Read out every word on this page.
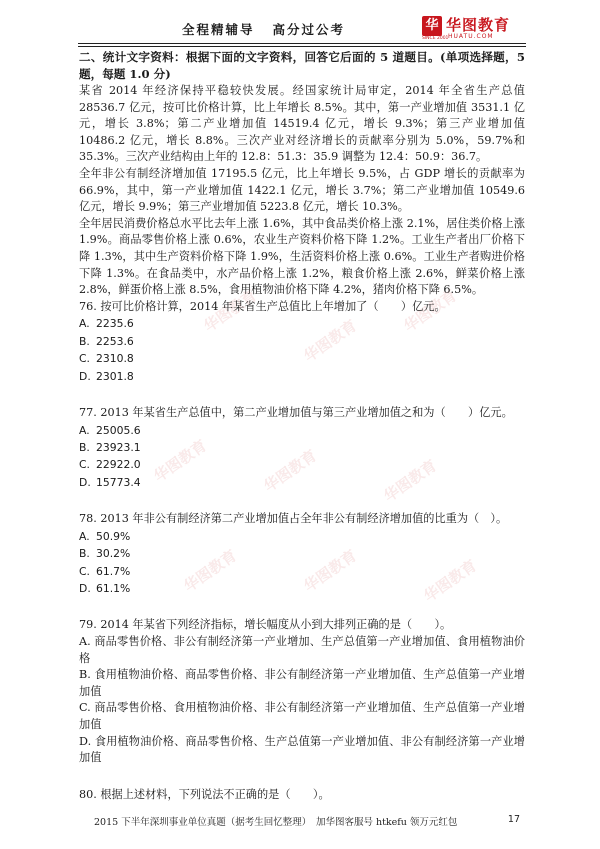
华图教育
华图教育
华图教育
华图教育	华图教育	华图教育
华图教育	华图教育	华图教育
全程精辅导 高分过公考	华 华图教育
HUATU.COM
SINCE 2001

二、统计文字资料：根据下面的文字资料，回答它后面的 5 道题目。(单项选择题，5 题，每题 1.0 分)

某省 2014 年经济保持平稳较快发展。经国家统计局审定，2014 年全省生产总值 28536.7 亿元，按可比价格计算，比上年增长 8.5%。其中，第一产业增加值 3531.1 亿元，增长 3.8%；第二产业增加值 14519.4 亿元，增长 9.3%；第三产业增加值 10486.2 亿元，增长 8.8%。三次产业对经济增长的贡献率分别为 5.0%，59.7%和 35.3%。三次产业结构由上年的 12.8：51.3：35.9 调整为 12.4：50.9：36.7。

全年非公有制经济增加值 17195.5 亿元，比上年增长 9.5%，占 GDP 增长的贡献率为 66.9%，其中，第一产业增加值 1422.1 亿元，增长 3.7%；第二产业增加值 10549.6 亿元，增长 9.9%；第三产业增加值 5223.8 亿元，增长 10.3%。

全年居民消费价格总水平比去年上涨 1.6%，其中食品类价格上涨 2.1%，居住类价格上涨 1.9%。商品零售价格上涨 0.6%，农业生产资料价格下降 1.2%。工业生产者出厂价格下降 1.3%，其中生产资料价格下降 1.9%，生活资料价格上涨 0.6%。工业生产者购进价格下降 1.3%。在食品类中，水产品价格上涨 1.2%，粮食价格上涨 2.6%，鲜菜价格上涨 2.8%，鲜蛋价格上涨 8.5%，食用植物油价格下降 4.2%，猪肉价格下降 6.5%。

76. 按可比价格计算，2014 年某省生产总值比上年增加了（　　）亿元。

A. 2235.6
B. 2253.6
C. 2310.8
D. 2301.8

77. 2013 年某省生产总值中，第二产业增加值与第三产业增加值之和为（　　）亿元。

A. 25005.6
B. 23923.1
C. 22922.0
D. 15773.4

78. 2013 年非公有制经济第二产业增加值占全年非公有制经济增加值的比重为（　）。

A. 50.9%
B. 30.2%
C. 61.7%
D. 61.1%

79. 2014 年某省下列经济指标，增长幅度从小到大排列正确的是（　　）。

A. 商品零售价格、非公有制经济第一产业增加、生产总值第一产业增加值、食用植物油价格

B. 食用植物油价格、商品零售价格、非公有制经济第一产业增加值、生产总值第一产业增加值

C. 商品零售价格、食用植物油价格、非公有制经济第一产业增加值、生产总值第一产业增加值

D. 食用植物油价格、商品零售价格、生产总值第一产业增加值、非公有制经济第一产业增加值

80. 根据上述材料，下列说法不正确的是（　　）。

2015 下半年深圳事业单位真题（据考生回忆整理）　加华图客服号 htkefu 领万元红包	17
